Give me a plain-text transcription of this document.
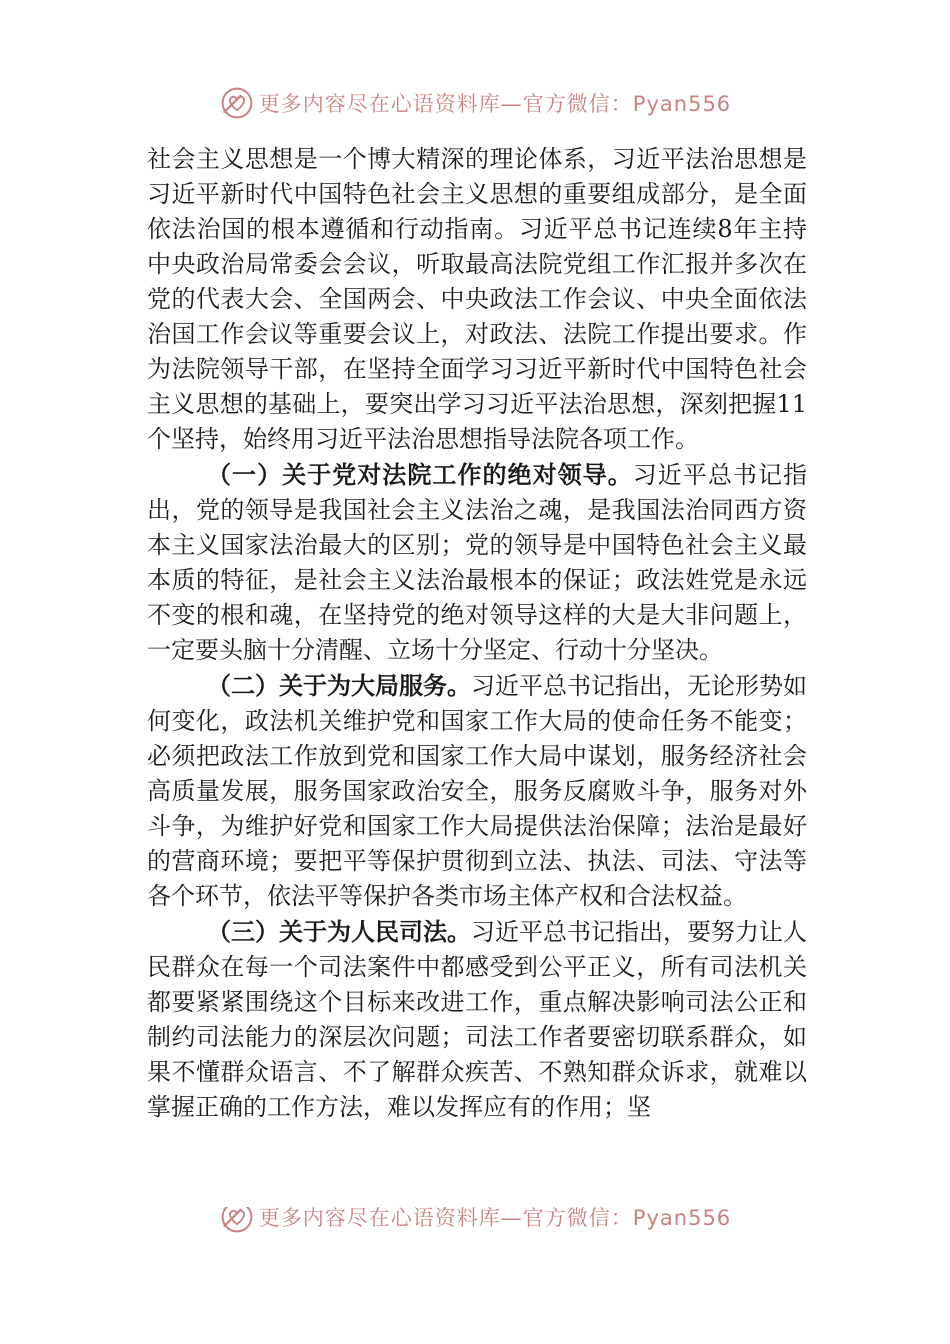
更多内容尽在心语资料库—官方微信：Pyan556

社会主义思想是一个博大精深的理论体系，习近平法治思想是习近平新时代中国特色社会主义思想的重要组成部分，是全面依法治国的根本遵循和行动指南。习近平总书记连续8年主持中央政治局常委会会议，听取最高法院党组工作汇报并多次在党的代表大会、全国两会、中央政法工作会议、中央全面依法治国工作会议等重要会议上，对政法、法院工作提出要求。作为法院领导干部，在坚持全面学习习近平新时代中国特色社会主义思想的基础上，要突出学习习近平法治思想，深刻把握11个坚持，始终用习近平法治思想指导法院各项工作。

（一）关于党对法院工作的绝对领导。习近平总书记指出，党的领导是我国社会主义法治之魂，是我国法治同西方资本主义国家法治最大的区别；党的领导是中国特色社会主义最本质的特征，是社会主义法治最根本的保证；政法姓党是永远不变的根和魂，在坚持党的绝对领导这样的大是大非问题上，一定要头脑十分清醒、立场十分坚定、行动十分坚决。

（二）关于为大局服务。习近平总书记指出，无论形势如何变化，政法机关维护党和国家工作大局的使命任务不能变；必须把政法工作放到党和国家工作大局中谋划，服务经济社会高质量发展，服务国家政治安全，服务反腐败斗争，服务对外斗争，为维护好党和国家工作大局提供法治保障；法治是最好的营商环境；要把平等保护贯彻到立法、执法、司法、守法等各个环节，依法平等保护各类市场主体产权和合法权益。

（三）关于为人民司法。习近平总书记指出，要努力让人民群众在每一个司法案件中都感受到公平正义，所有司法机关都要紧紧围绕这个目标来改进工作，重点解决影响司法公正和制约司法能力的深层次问题；司法工作者要密切联系群众，如果不懂群众语言、不了解群众疾苦、不熟知群众诉求，就难以掌握正确的工作方法，难以发挥应有的作用；坚

更多内容尽在心语资料库—官方微信：Pyan556
